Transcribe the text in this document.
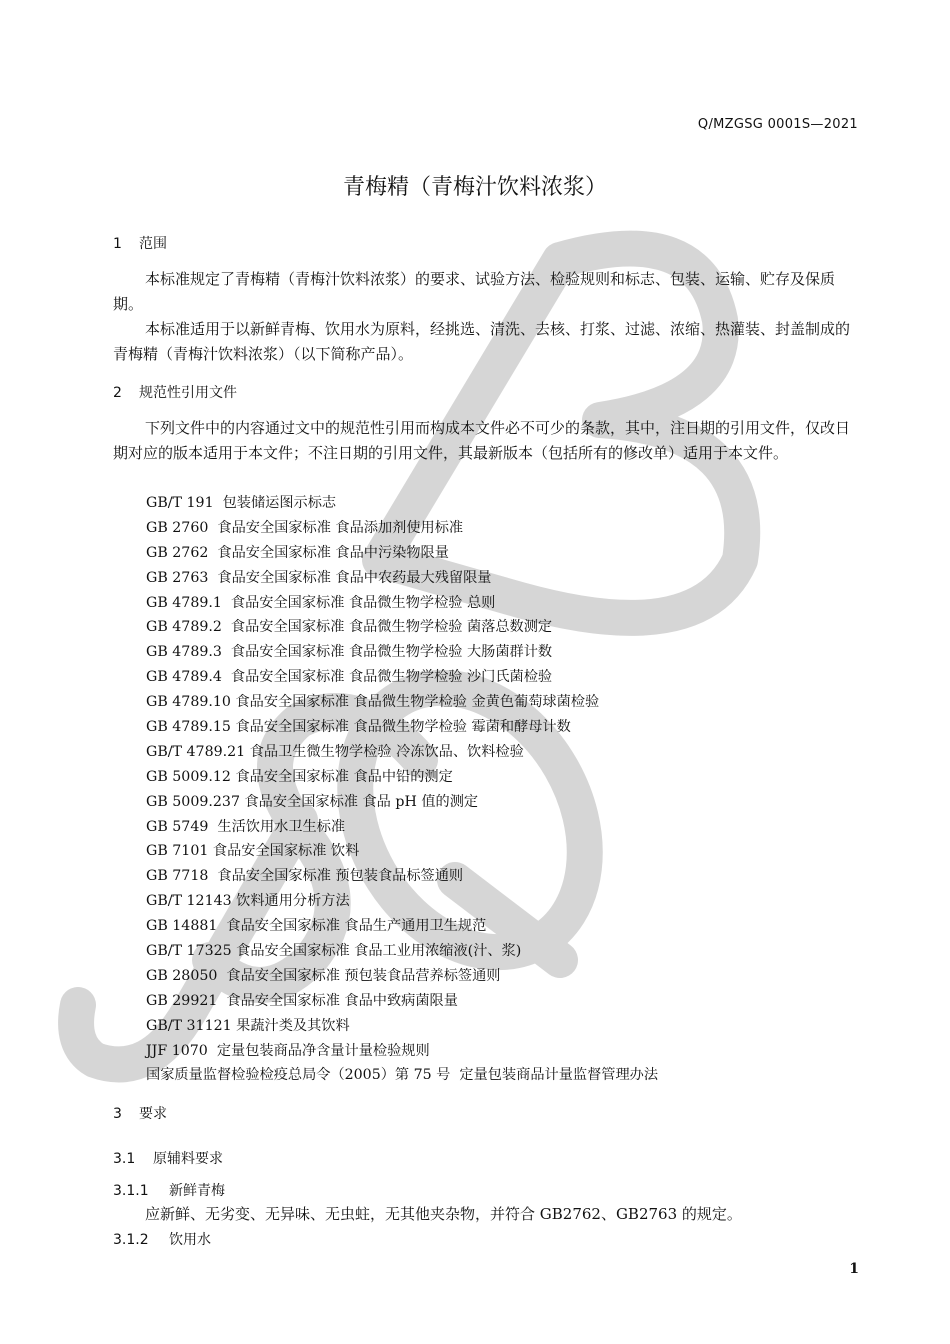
Q/MZGSG 0001S—2021
青梅精（青梅汁饮料浓浆）
1 范围
本标准规定了青梅精（青梅汁饮料浓浆）的要求、试验方法、检验规则和标志、包装、运输、贮存及保质期。
本标准适用于以新鲜青梅、饮用水为原料，经挑选、清洗、去核、打浆、过滤、浓缩、热灌装、封盖制成的青梅精（青梅汁饮料浓浆）（以下简称产品）。
2 规范性引用文件
下列文件中的内容通过文中的规范性引用而构成本文件必不可少的条款，其中，注日期的引用文件，仅改日期对应的版本适用于本文件；不注日期的引用文件，其最新版本（包括所有的修改单）适用于本文件。
GB/T 191  包装储运图示标志
GB 2760  食品安全国家标准 食品添加剂使用标准
GB 2762  食品安全国家标准 食品中污染物限量
GB 2763  食品安全国家标准 食品中农药最大残留限量
GB 4789.1  食品安全国家标准 食品微生物学检验 总则
GB 4789.2  食品安全国家标准 食品微生物学检验 菌落总数测定
GB 4789.3  食品安全国家标准 食品微生物学检验 大肠菌群计数
GB 4789.4  食品安全国家标准 食品微生物学检验 沙门氏菌检验
GB 4789.10 食品安全国家标准 食品微生物学检验 金黄色葡萄球菌检验
GB 4789.15 食品安全国家标准 食品微生物学检验 霉菌和酵母计数
GB/T 4789.21 食品卫生微生物学检验 冷冻饮品、饮料检验
GB 5009.12 食品安全国家标准 食品中铅的测定
GB 5009.237 食品安全国家标准 食品 pH 值的测定
GB 5749  生活饮用水卫生标准
GB 7101 食品安全国家标准 饮料
GB 7718  食品安全国家标准 预包装食品标签通则
GB/T 12143 饮料通用分析方法
GB 14881  食品安全国家标准 食品生产通用卫生规范
GB/T 17325 食品安全国家标准 食品工业用浓缩液(汁、浆)
GB 28050  食品安全国家标准 预包装食品营养标签通则
GB 29921  食品安全国家标准 食品中致病菌限量
GB/T 31121 果蔬汁类及其饮料
JJF 1070  定量包装商品净含量计量检验规则
国家质量监督检验检疫总局令（2005）第 75 号  定量包装商品计量监督管理办法
3 要求
3.1 原辅料要求
3.1.1 新鲜青梅
应新鲜、无劣变、无异味、无虫蛀，无其他夹杂物，并符合 GB2762、GB2763 的规定。
3.1.2 饮用水
1
